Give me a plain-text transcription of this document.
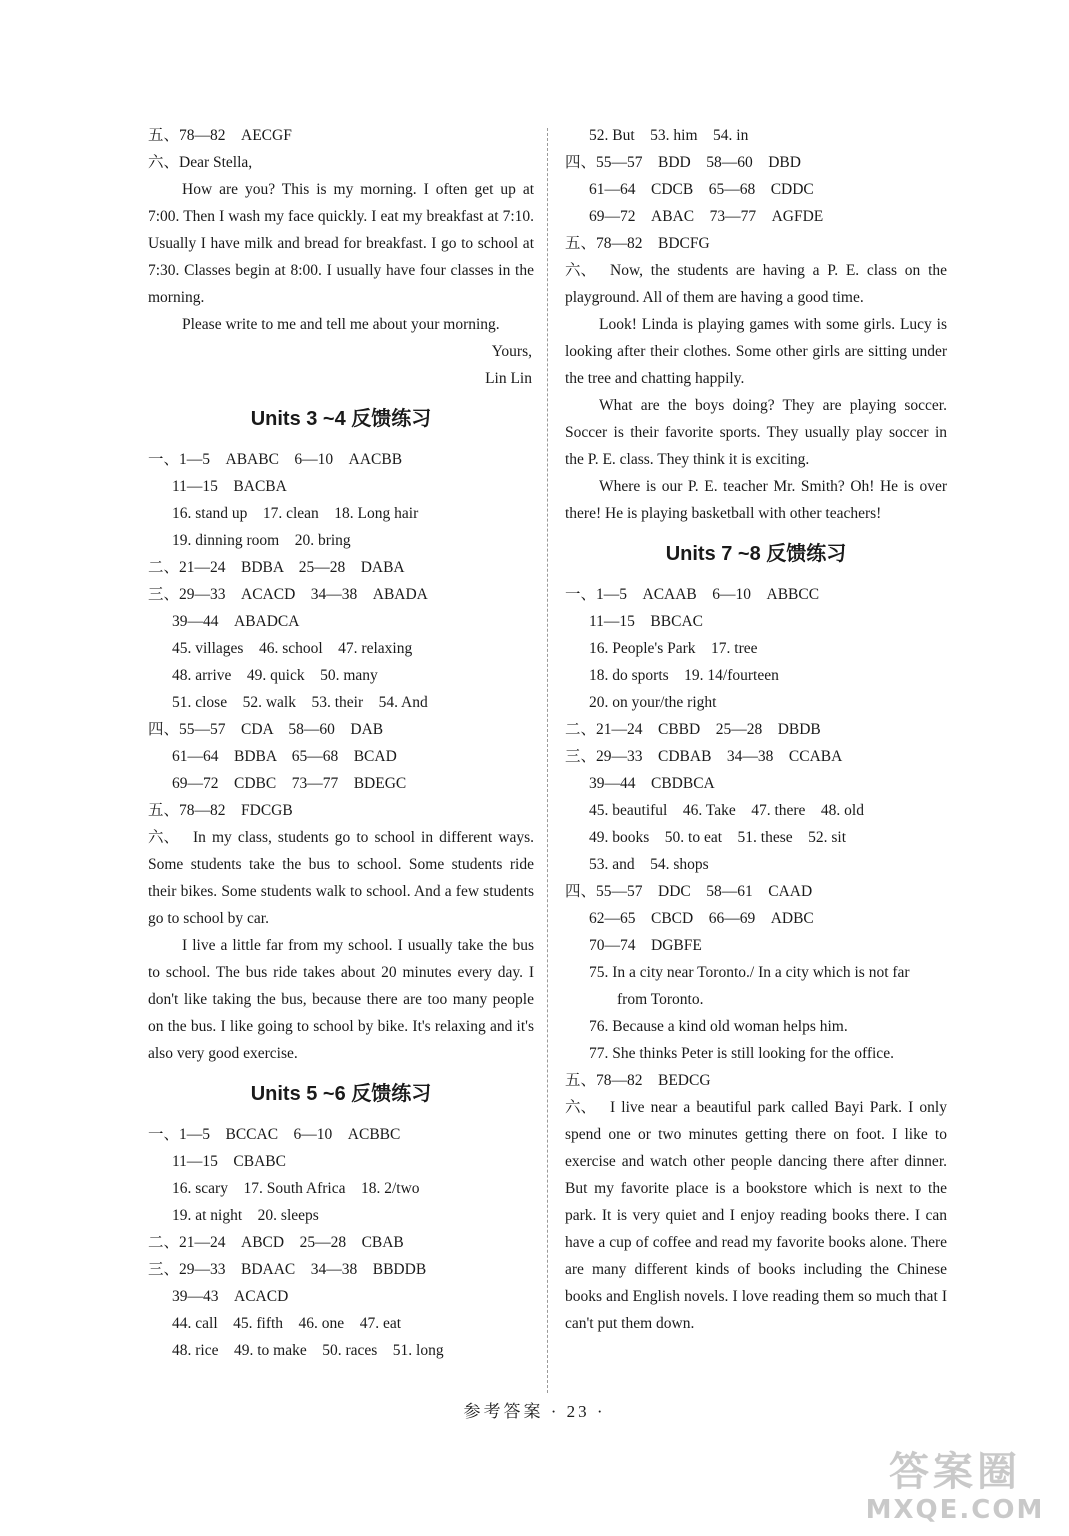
五、78—82　AECGF
六、Dear Stella,

How are you? This is my morning. I often get up at 7:00. Then I wash my face quickly. I eat my breakfast at 7:10. Usually I have milk and bread for breakfast. I go to school at 7:30. Classes begin at 8:00. I usually have four classes in the morning.

Please write to me and tell me about your morning.

Yours,
Lin Lin
Units 3 ~4 反馈练习
一、1—5　ABABC　6—10　AACBB
11—15　BACBA
16. stand up　17. clean　18. Long hair
19. dinning room　20. bring
二、21—24　BDBA　25—28　DABA
三、29—33　ACACD　34—38　ABADA
39—44　ABADCA
45. villages　46. school　47. relaxing
48. arrive　49. quick　50. many
51. close　52. walk　53. their　54. And
四、55—57　CDA　58—60　DAB
61—64　BDBA　65—68　BCAD
69—72　CDBC　73—77　BDEGC
五、78—82　FDCGB

六、 In my class, students go to school in different ways. Some students take the bus to school. Some students ride their bikes. Some students walk to school. And a few students go to school by car.

I live a little far from my school. I usually take the bus to school. The bus ride takes about 20 minutes every day. I don't like taking the bus, because there are too many people on the bus. I like going to school by bike. It's relaxing and it's also very good exercise.

Units 5 ~6 反馈练习
一、1—5　BCCAC　6—10　ACBBC
11—15　CBABC
16. scary　17. South Africa　18. 2/two
19. at night　20. sleeps
二、21—24　ABCD　25—28　CBAB
三、29—33　BDAAC　34—38　BBDDB
39—43　ACACD
44. call　45. fifth　46. one　47. eat
48. rice　49. to make　50. races　51. long
52. But　53. him　54. in
四、55—57　BDD　58—60　DBD
61—64　CDCB　65—68　CDDC
69—72　ABAC　73—77　AGFDE
五、78—82　BDCFG

六、 Now, the students are having a P. E. class on the playground. All of them are having a good time.

Look! Linda is playing games with some girls. Lucy is looking after their clothes. Some other girls are sitting under the tree and chatting happily.

What are the boys doing? They are playing soccer. Soccer is their favorite sports. They usually play soccer in the P. E. class. They think it is exciting.

Where is our P. E. teacher Mr. Smith? Oh! He is over there! He is playing basketball with other teachers!

Units 7 ~8 反馈练习
一、1—5　ACAAB　6—10　ABBCC
11—15　BBCAC
16. People's Park　17. tree
18. do sports　19. 14/fourteen
20. on your/the right
二、21—24　CBBD　25—28　DBDB
三、29—33　CDBAB　34—38　CCABA
39—44　CBDBCA
45. beautiful　46. Take　47. there　48. old
49. books　50. to eat　51. these　52. sit
53. and　54. shops
四、55—57　DDC　58—61　CAAD
62—65　CBCD　66—69　ADBC
70—74　DGBFE
75. In a city near Toronto./ In a city which is not far
from Toronto.
76. Because a kind old woman helps him.
77. She thinks Peter is still looking for the office.
五、78—82　BEDCG

六、 I live near a beautiful park called Bayi Park. I only spend one or two minutes getting there on foot. I like to exercise and watch other people dancing there after dinner. But my favorite place is a bookstore which is next to the park. It is very quiet and I enjoy reading books there. I can have a cup of coffee and read my favorite books alone. There are many different kinds of books including the Chinese books and English novels. I love reading them so much that I can't put them down.

参考答案 · 23 ·
答案圈
MXQE.COM
